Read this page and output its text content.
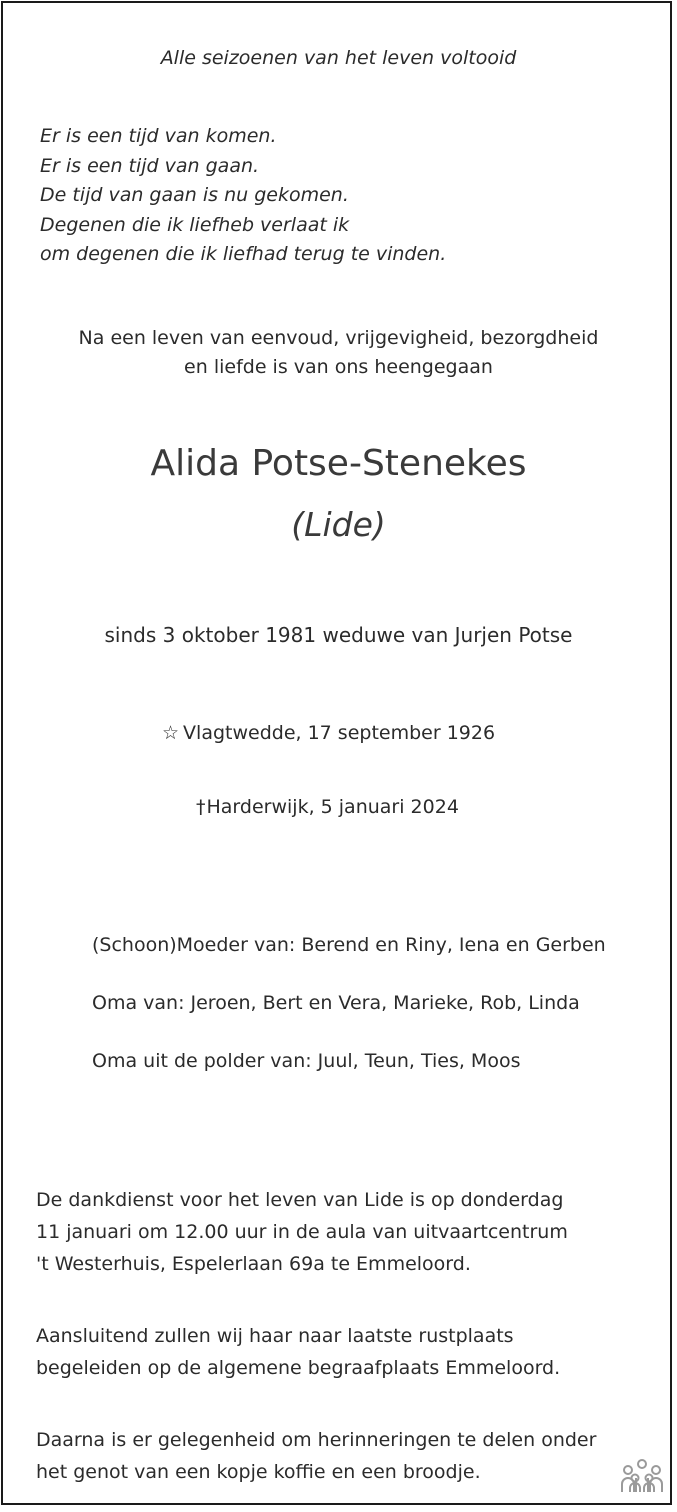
Alle seizoenen van het leven voltooid
Er is een tijd van komen.
Er is een tijd van gaan.
De tijd van gaan is nu gekomen.
Degenen die ik liefheb verlaat ik
om degenen die ik liefhad terug te vinden.
Na een leven van eenvoud, vrijgevigheid, bezorgdheid
en liefde is van ons heengegaan
Alida Potse-Stenekes
(Lide)
sinds 3 oktober 1981 weduwe van Jurjen Potse
☆ Vlagtwedde, 17 september 1926
†Harderwijk, 5 januari 2024
(Schoon)Moeder van: Berend en Riny, Iena en Gerben
Oma van: Jeroen, Bert en Vera, Marieke, Rob, Linda
Oma uit de polder van: Juul, Teun, Ties, Moos

De dankdienst voor het leven van Lide is op donderdag
11 januari om 12.00 uur in de aula van uitvaartcentrum
't Westerhuis, Espelerlaan 69a te Emmeloord.

Aansluitend zullen wij haar naar laatste rustplaats
begeleiden op de algemene begraafplaats Emmeloord.

Daarna is er gelegenheid om herinneringen te delen onder
het genot van een kopje koffie en een broodje.
